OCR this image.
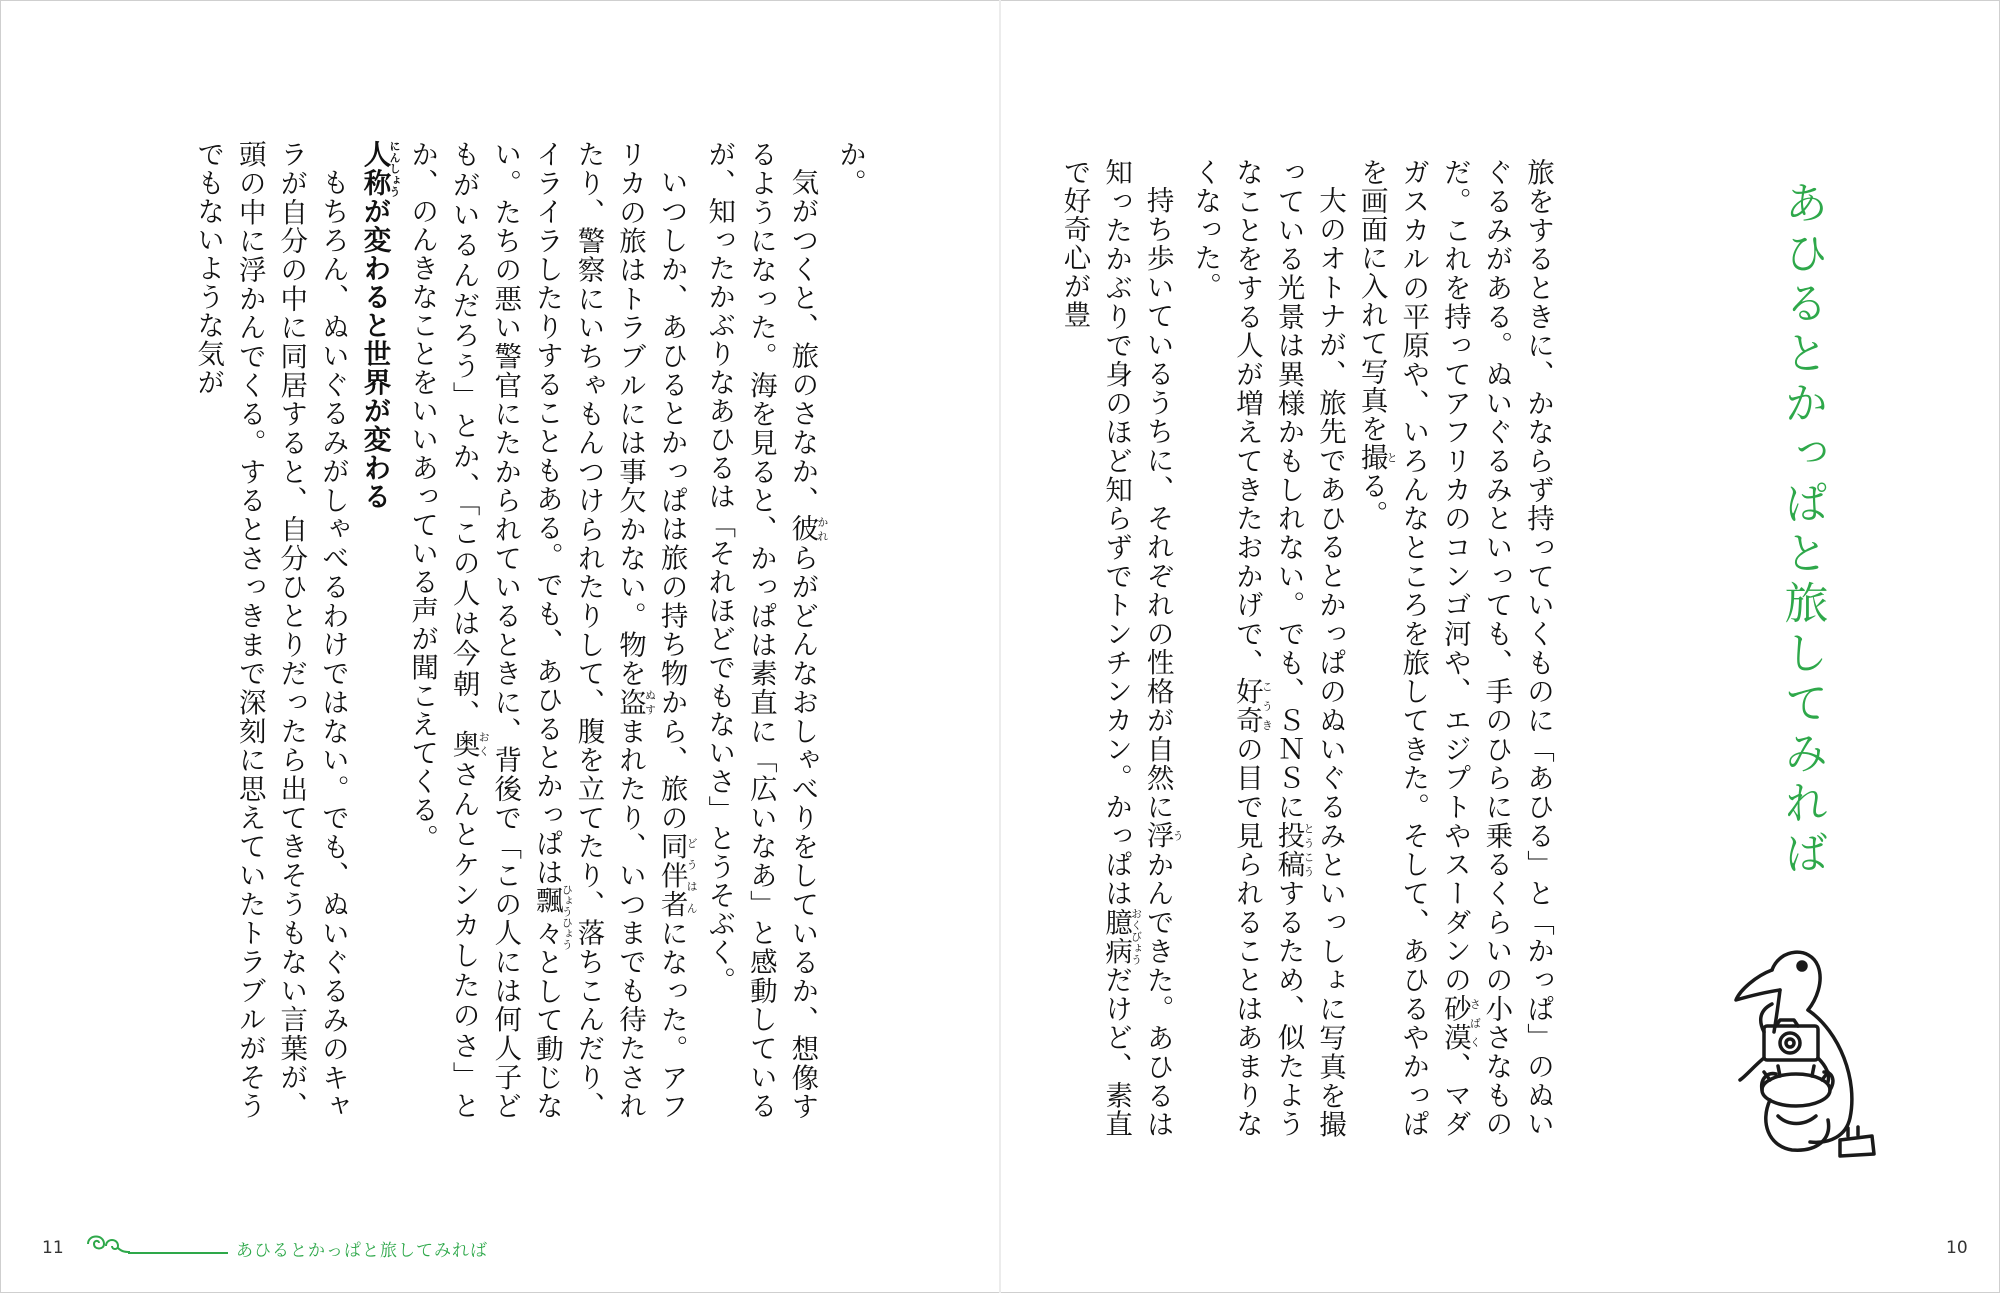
あひるとかっぱと旅してみれば

旅をするときに、かならず持っていくものに「あひる」と「かっぱ」のぬいぐるみがある。ぬいぐるみといっても、手のひらに乗るくらいの小さなものだ。これを持ってアフリカのコンゴ河や、エジプトやスーダンの砂漠さばく、マダガスカルの平原や、いろんなところを旅してきた。そして、あひるやかっぱを画面に入れて写真を撮とる。

大のオトナが、旅先であひるとかっぱのぬいぐるみといっしょに写真を撮っている光景は異様かもしれない。でも、ＳＮＳに投稿とうこうするため、似たようなことをする人が増えてきたおかげで、好奇こうきの目で見られることはあまりなくなった。

持ち歩いているうちに、それぞれの性格が自然に浮うかんできた。あひるは知ったかぶりで身のほど知らずでトンチンカン。かっぱは臆病おくびょうだけど、素直で好奇心が豊

か。

気がつくと、旅のさなか、彼かれらがどんなおしゃべりをしているか、想像するようになった。海を見ると、かっぱは素直に「広いなあ」と感動しているが、知ったかぶりなあひるは「それほどでもないさ」とうそぶく。

いつしか、あひるとかっぱは旅の持ち物から、旅の同伴者どうはんになった。アフリカの旅はトラブルには事欠かない。物を盗ぬすまれたり、いつまでも待たされたり、警察にいちゃもんつけられたりして、腹を立てたり、落ちこんだり、イライラしたりすることもある。でも、あひるとかっぱは飄々ひょうひょうとして動じない。たちの悪い警官にたかられているときに、背後で「この人には何人子どもがいるんだろう」とか、「この人は今朝、奥おくさんとケンカしたのさ」とか、のんきなことをいいあっている声が聞こえてくる。

人称にんしょうが変わると世界が変わる

もちろん、ぬいぐるみがしゃべるわけではない。でも、ぬいぐるみのキャラが自分の中に同居すると、自分ひとりだったら出てきそうもない言葉が、頭の中に浮かんでくる。するとさっきまで深刻に思えていたトラブルがそうでもないような気が

11	あひるとかっぱと旅してみれば	10
